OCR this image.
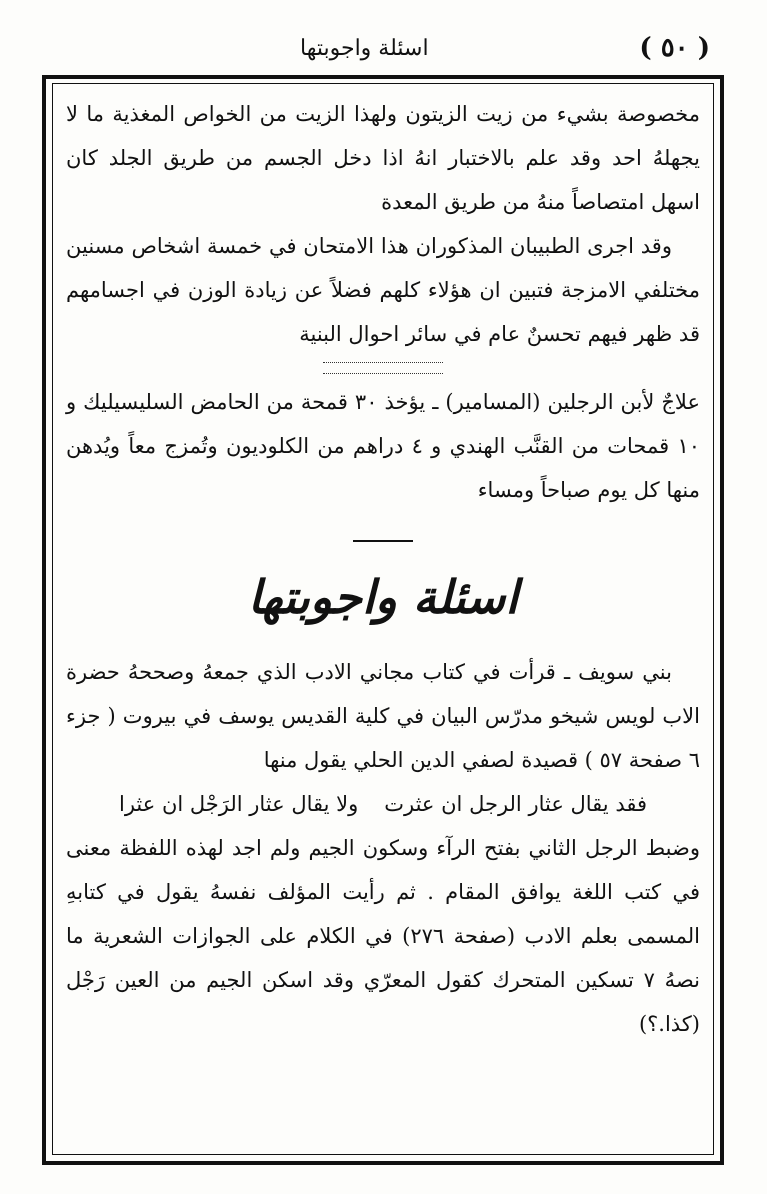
( ٥٠ )
اسئلة واجوبتها

مخصوصة بشيء من زيت الزيتون ولهذا الزيت من الخواص المغذية ما لا يجهلهُ احد وقد علم بالاختبار انهُ اذا دخل الجسم من طريق الجلد كان اسهل امتصاصاً منهُ من طريق المعدة

وقد اجرى الطبيبان المذكوران هذا الامتحان في خمسة اشخاص مسنين مختلفي الامزجة فتبين ان هؤلاء كلهم فضلاً عن زيادة الوزن في اجسامهم قد ظهر فيهم تحسنٌ عام في سائر احوال البنية

علاجٌ لأبن الرجلين (المسامير) ـ يؤخذ ٣٠ قمحة من الحامض السليسيليك و ١٠ قمحات من القنَّب الهندي و ٤ دراهم من الكلوديون وتُمزج معاً ويُدهن منها كل يوم صباحاً ومساء

اسئلة واجوبتها

بني سويف ـ قرأت في كتاب مجاني الادب الذي جمعهُ وصححهُ حضرة الاب لويس شيخو مدرّس البيان في كلية القديس يوسف في بيروت ( جزء ٦ صفحة ٥٧ ) قصيدة لصفي الدين الحلي يقول منها

فقد يقال عثار الرجل ان عثرت
ولا يقال عثار الرَجْل ان عثرا

وضبط الرجل الثاني بفتح الرآء وسكون الجيم ولم اجد لهذه اللفظة معنى في كتب اللغة يوافق المقام . ثم رأيت المؤلف نفسهُ يقول في كتابهِ المسمى بعلم الادب (صفحة ٢٧٦) في الكلام على الجوازات الشعرية ما نصهُ ٧ تسكين المتحرك كقول المعرّي وقد اسكن الجيم من العين رَجْل (كذا.؟)
